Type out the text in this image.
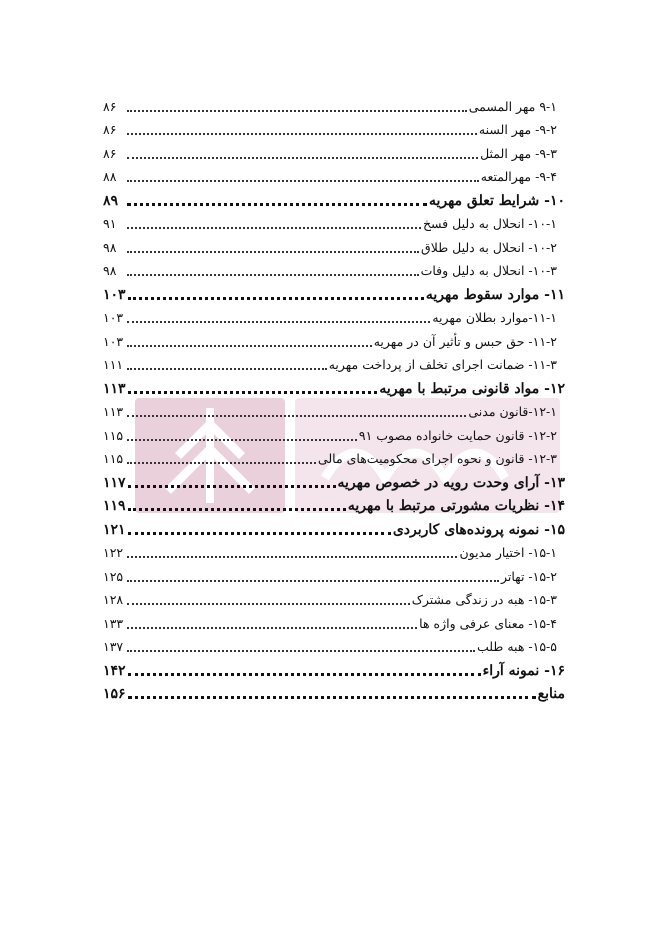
۹-۱ مهر المسمی
۸۶
۹-۲- مهر السنه
۸۶
۹-۳- مهر المثل
۸۶
۹-۴- مهرالمتعه
۸۸
۱۰- شرایط تعلق مهریه
۸۹
۱۰-۱- انحلال به دلیل فسخ
۹۱
۱۰-۲- انحلال به دلیل طلاق
۹۸
۱۰-۳- انحلال به دلیل وفات
۹۸
۱۱- موارد سقوط مهریه
۱۰۳
۱۱-۱-موارد بطلان مهریه
۱۰۳
۱۱-۲- حق حبس و تأثیر آن در مهریه
۱۰۳
۱۱-۳- ضمانت اجرای تخلف از پرداخت مهریه
۱۱۱
۱۲- مواد قانونی مرتبط با مهریه
۱۱۳
۱۲-۱-قانون مدنی
۱۱۳
۱۲-۲- قانون حمایت خانواده مصوب ۹۱
۱۱۵
۱۲-۳- قانون و نحوه اجرای محکومیت‌های مالی
۱۱۵
۱۳- آرای وحدت رویه در خصوص مهریه
۱۱۷
۱۴- نظریات مشورتی مرتبط با مهریه
۱۱۹
۱۵- نمونه پرونده‌های کاربردی
۱۲۱
۱۵-۱- اختیار مدیون
۱۲۲
۱۵-۲- تهاتر
۱۲۵
۱۵-۳- هبه در زندگی مشترک
۱۲۸
۱۵-۴- معنای عرفی واژه ها
۱۳۳
۱۵-۵- هبه طلب
۱۳۷
۱۶- نمونه آراء
۱۴۲
منابع
۱۵۶
